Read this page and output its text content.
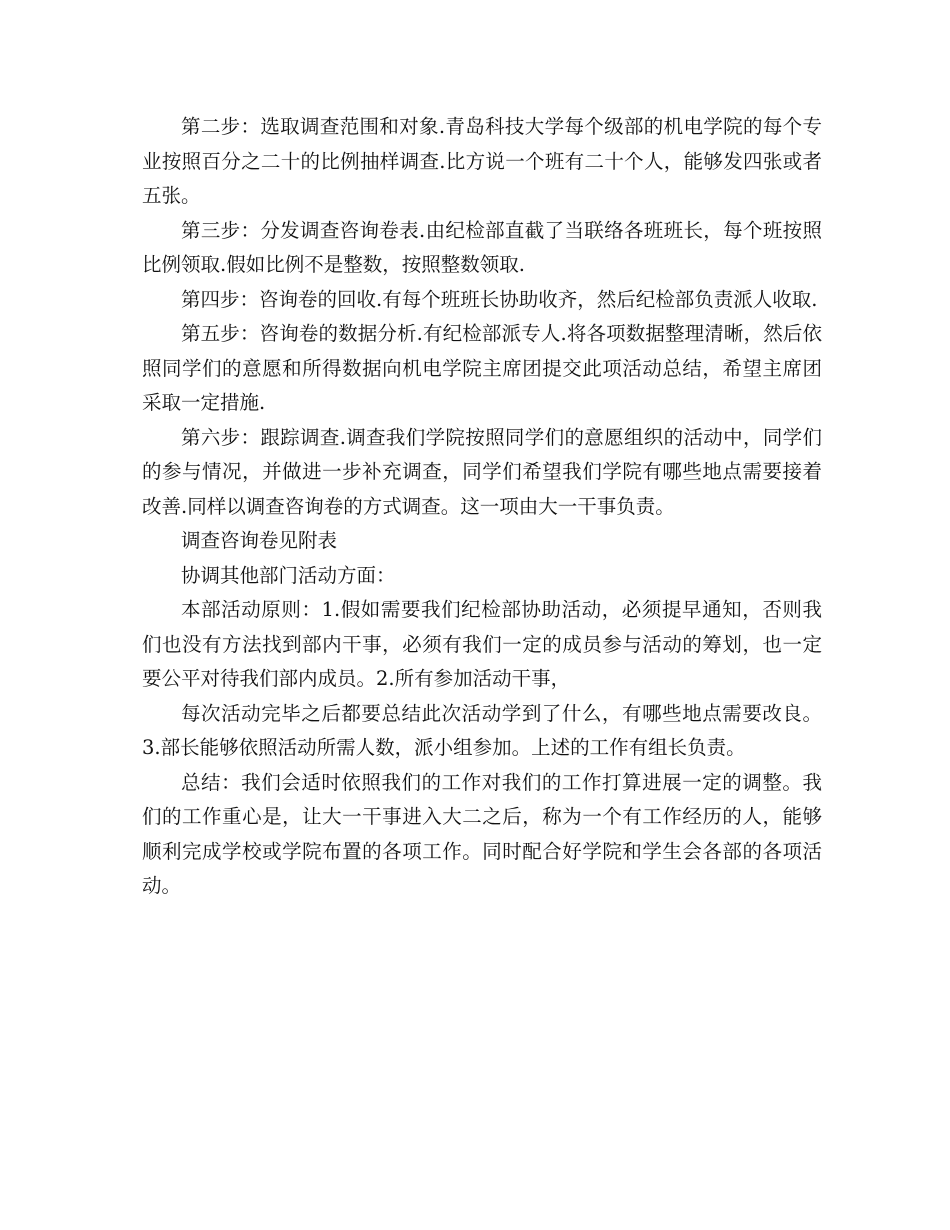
第二步：选取调查范围和对象.青岛科技大学每个级部的机电学院的每个专业按照百分之二十的比例抽样调查.比方说一个班有二十个人，能够发四张或者五张。

第三步：分发调查咨询卷表.由纪检部直截了当联络各班班长，每个班按照比例领取.假如比例不是整数，按照整数领取.

第四步：咨询卷的回收.有每个班班长协助收齐，然后纪检部负责派人收取.

第五步：咨询卷的数据分析.有纪检部派专人.将各项数据整理清晰，然后依照同学们的意愿和所得数据向机电学院主席团提交此项活动总结，希望主席团采取一定措施.

第六步：跟踪调查.调查我们学院按照同学们的意愿组织的活动中，同学们的参与情况，并做进一步补充调查，同学们希望我们学院有哪些地点需要接着改善.同样以调查咨询卷的方式调查。这一项由大一干事负责。

调查咨询卷见附表

协调其他部门活动方面：

本部活动原则：1.假如需要我们纪检部协助活动，必须提早通知，否则我们也没有方法找到部内干事，必须有我们一定的成员参与活动的筹划，也一定要公平对待我们部内成员。2.所有参加活动干事，

每次活动完毕之后都要总结此次活动学到了什么，有哪些地点需要改良。3.部长能够依照活动所需人数，派小组参加。上述的工作有组长负责。

总结：我们会适时依照我们的工作对我们的工作打算进展一定的调整。我们的工作重心是，让大一干事进入大二之后，称为一个有工作经历的人，能够顺利完成学校或学院布置的各项工作。同时配合好学院和学生会各部的各项活动。
